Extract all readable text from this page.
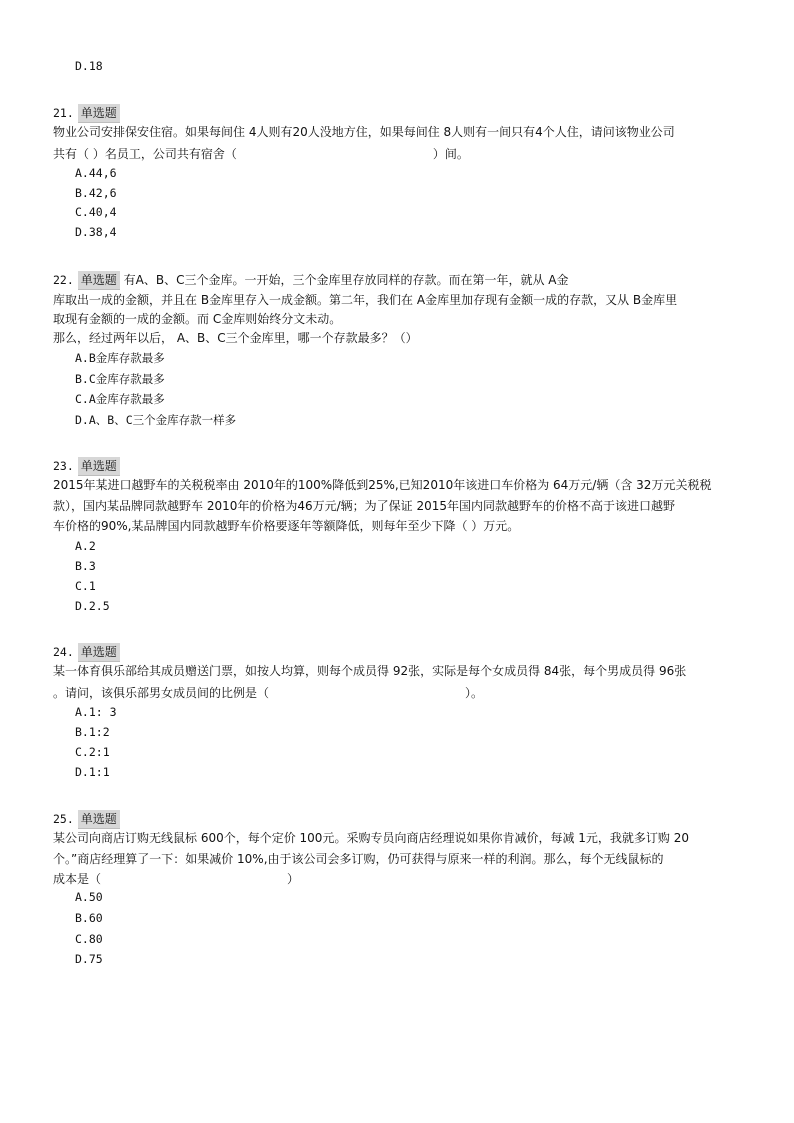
D.18
21. 单选题
物业公司安排保安住宿。如果每间住 4人则有20人没地方住，如果每间住 8人则有一间只有4个人住，请问该物业公司
共有（ ）名员工，公司共有宿舍（	）间。
A.44,6
B.42,6
C.40,4
D.38,4
22. 单选题 有A、B、C三个金库。一开始，三个金库里存放同样的存款。而在第一年，就从 A金
库取出一成的金额，并且在 B金库里存入一成金额。第二年，我们在 A金库里加存现有金额一成的存款，又从 B金库里
取现有金额的一成的金额。而 C金库则始终分文未动。
那么，经过两年以后， A、B、C三个金库里，哪一个存款最多？（）
A.B金库存款最多
B.C金库存款最多
C.A金库存款最多
D.A、B、C三个金库存款一样多
23. 单选题
2015年某进口越野车的关税税率由 2010年的100%降低到25%,已知2010年该进口车价格为 64万元/辆（含 32万元关税税
款），国内某品牌同款越野车 2010年的价格为46万元/辆；为了保证 2015年国内同款越野车的价格不高于该进口越野
车价格的90%,某品牌国内同款越野车价格要逐年等额降低，则每年至少下降（ ）万元。
A.2
B.3
C.1
D.2.5
24. 单选题
某一体育俱乐部给其成员赠送门票，如按人均算，则每个成员得 92张，实际是每个女成员得 84张，每个男成员得 96张
。请问，该俱乐部男女成员间的比例是（	）。
A.1: 3
B.1:2
C.2:1
D.1:1
25. 单选题
某公司向商店订购无线鼠标 600个，每个定价 100元。采购专员向商店经理说如果你肯减价，每减 1元，我就多订购 20
个。”商店经理算了一下：如果减价 10%,由于该公司会多订购，仍可获得与原来一样的利润。那么，每个无线鼠标的
成本是（	）
A.50
B.60
C.80
D.75
